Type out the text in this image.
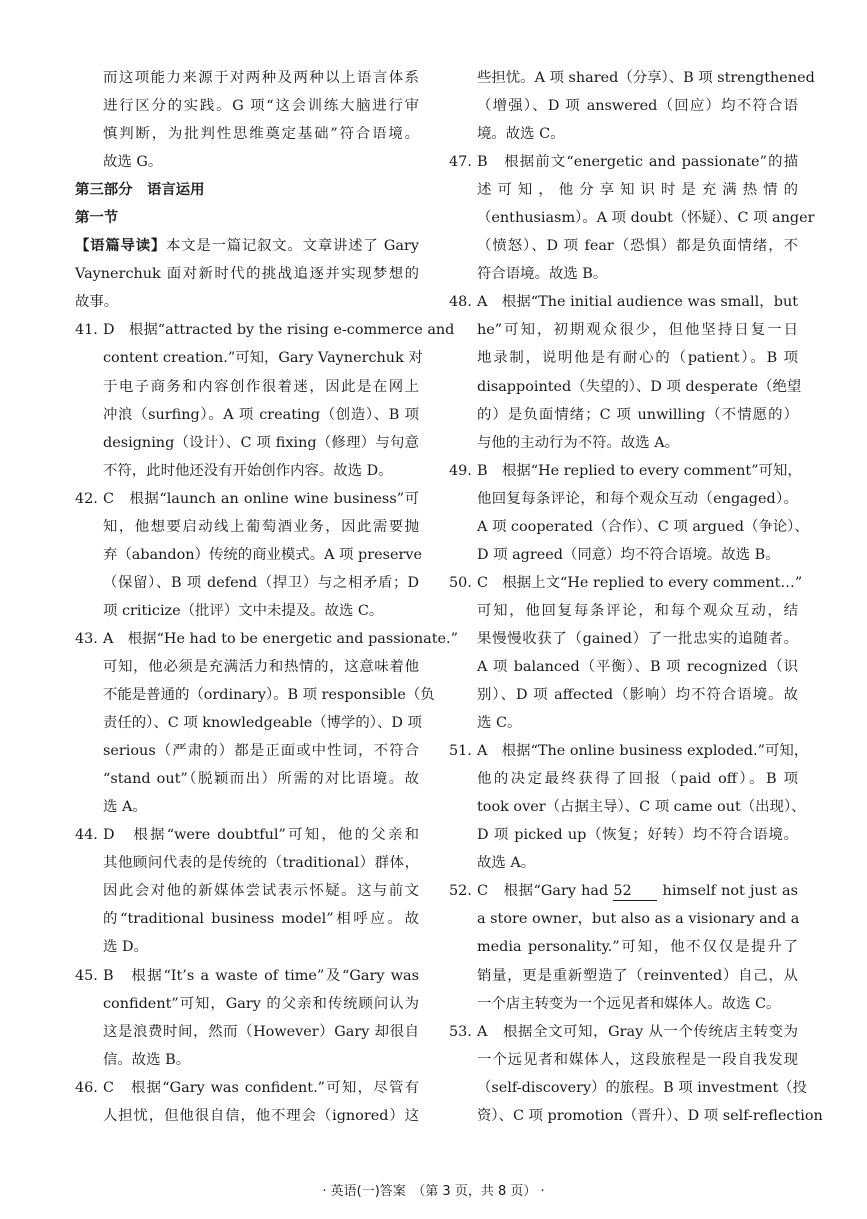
而这项能力来源于对两种及两种以上语言体系
进行区分的实践。G 项“这会训练大脑进行审
慎判断，为批判性思维奠定基础”符合语境。
故选 G。
第三部分　语言运用
第一节
【语篇导读】本文是一篇记叙文。文章讲述了 Gary
Vaynerchuk 面对新时代的挑战追逐并实现梦想的
故事。
41. D　根据“attracted by the rising e-commerce and
content creation.”可知，Gary Vaynerchuk 对
于电子商务和内容创作很着迷，因此是在网上
冲浪（surfing）。A 项 creating（创造）、B 项
designing（设计）、C 项 fixing（修理）与句意
不符，此时他还没有开始创作内容。故选 D。
42. C　根据“launch an online wine business”可
知，他想要启动线上葡萄酒业务，因此需要抛
弃（abandon）传统的商业模式。A 项 preserve
（保留）、B 项 defend（捍卫）与之相矛盾；D
项 criticize（批评）文中未提及。故选 C。
43. A　根据“He had to be energetic and passionate.”
可知，他必须是充满活力和热情的，这意味着他
不能是普通的（ordinary）。B 项 responsible（负
责任的）、C 项 knowledgeable（博学的）、D 项
serious（严肃的）都是正面或中性词，不符合
“stand out”（脱颖而出）所需的对比语境。故
选 A。
44. D　根据“were doubtful”可知，他的父亲和
其他顾问代表的是传统的（traditional）群体，
因此会对他的新媒体尝试表示怀疑。这与前文
的“traditional business model”相呼应。故
选 D。
45. B　根据“It’s a waste of time”及“Gary was
confident”可知，Gary 的父亲和传统顾问认为
这是浪费时间，然而（However）Gary 却很自
信。故选 B。
46. C　根据“Gary was confident.”可知，尽管有
人担忧，但他很自信，他不理会（ignored）这
些担忧。A 项 shared（分享）、B 项 strengthened
（增强）、D 项 answered（回应）均不符合语
境。故选 C。
47. B　根据前文“energetic and passionate”的描
述可知，他分享知识时是充满热情的
（enthusiasm）。A 项 doubt（怀疑）、C 项 anger
（愤怒）、D 项 fear（恐惧）都是负面情绪，不
符合语境。故选 B。
48. A　根据“The initial audience was small，but
he”可知，初期观众很少，但他坚持日复一日
地录制，说明他是有耐心的（patient）。B 项
disappointed（失望的）、D 项 desperate（绝望
的）是负面情绪；C 项 unwilling（不情愿的）
与他的主动行为不符。故选 A。
49. B　根据“He replied to every comment”可知，
他回复每条评论，和每个观众互动（engaged）。
A 项 cooperated（合作）、C 项 argued（争论）、
D 项 agreed（同意）均不符合语境。故选 B。
50. C　根据上文“He replied to every comment…”
可知，他回复每条评论，和每个观众互动，结
果慢慢收获了（gained）了一批忠实的追随者。
A 项 balanced（平衡）、B 项 recognized（识
别）、D 项 affected（影响）均不符合语境。故
选 C。
51. A　根据“The online business exploded.”可知，
他的决定最终获得了回报（paid off）。B 项
took over（占据主导）、C 项 came out（出现）、
D 项 picked up（恢复；好转）均不符合语境。
故选 A。
52. C　根据“Gary had 52 himself not just as
a store owner，but also as a visionary and a
media personality.”可知，他不仅仅是提升了
销量，更是重新塑造了（reinvented）自己，从
一个店主转变为一个远见者和媒体人。故选 C。
53. A　根据全文可知，Gray 从一个传统店主转变为
一个远见者和媒体人，这段旅程是一段自我发现
（self-discovery）的旅程。B 项 investment（投
资）、C 项 promotion（晋升）、D 项 self-reflection
· 英语(一)答案　（第 3 页，共 8 页） ·
